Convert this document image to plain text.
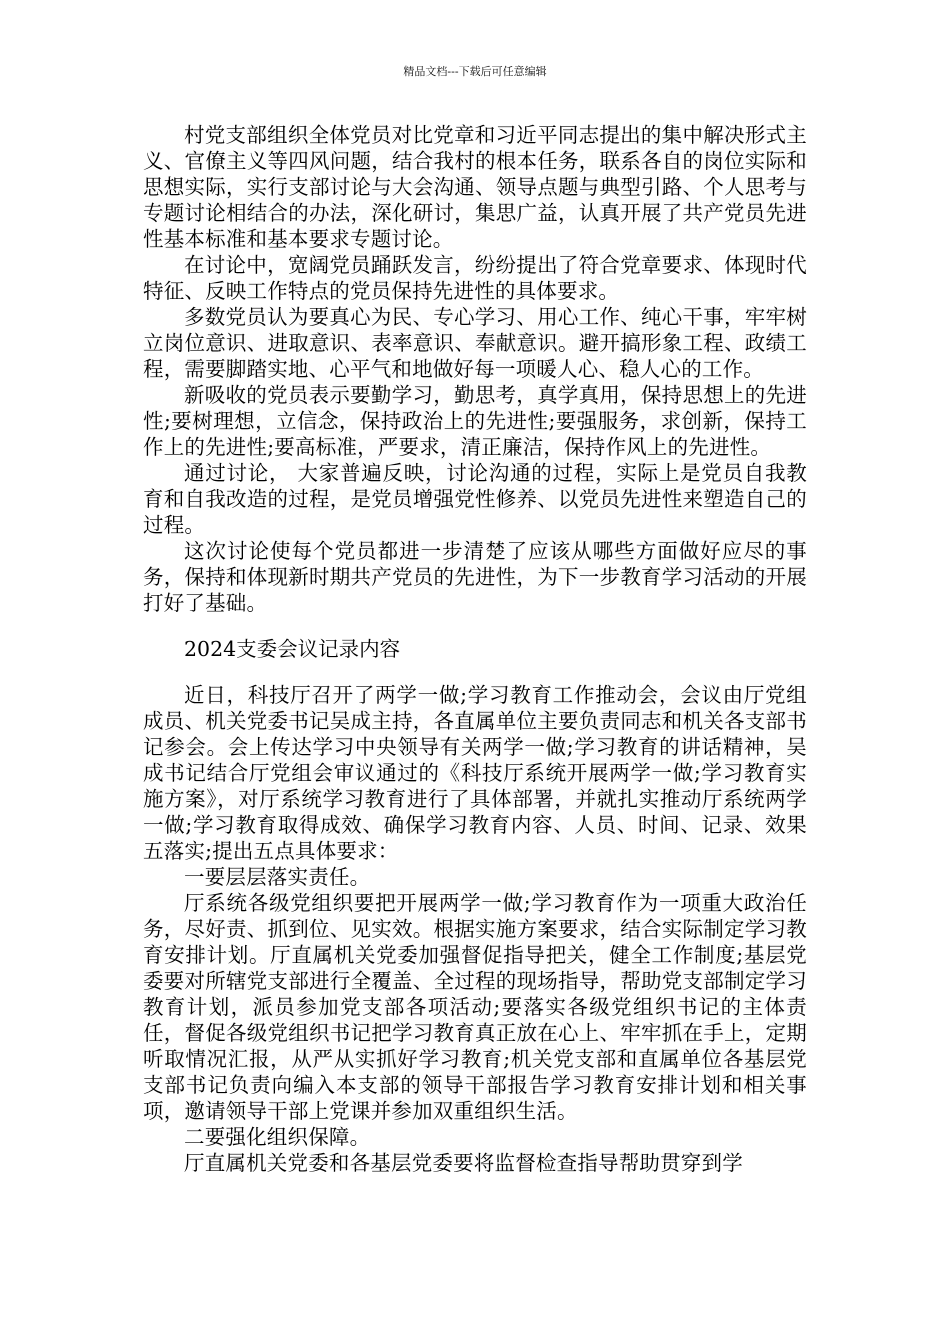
精品文档---下载后可任意编辑

村党支部组织全体党员对比党章和习近平同志提出的集中解决形式主义、官僚主义等四风问题，结合我村的根本任务，联系各自的岗位实际和思想实际，实行支部讨论与大会沟通、领导点题与典型引路、个人思考与专题讨论相结合的办法，深化研讨，集思广益，认真开展了共产党员先进性基本标准和基本要求专题讨论。

在讨论中，宽阔党员踊跃发言，纷纷提出了符合党章要求、体现时代特征、反映工作特点的党员保持先进性的具体要求。

多数党员认为要真心为民、专心学习、用心工作、纯心干事，牢牢树立岗位意识、进取意识、表率意识、奉献意识。避开搞形象工程、政绩工程，需要脚踏实地、心平气和地做好每一项暖人心、稳人心的工作。

新吸收的党员表示要勤学习，勤思考，真学真用，保持思想上的先进性;要树理想，立信念，保持政治上的先进性;要强服务，求创新，保持工作上的先进性;要高标准，严要求，清正廉洁，保持作风上的先进性。

通过讨论， 大家普遍反映，讨论沟通的过程，实际上是党员自我教育和自我改造的过程，是党员增强党性修养、以党员先进性来塑造自己的过程。

这次讨论使每个党员都进一步清楚了应该从哪些方面做好应尽的事务，保持和体现新时期共产党员的先进性，为下一步教育学习活动的开展打好了基础。

2024支委会议记录内容

近日，科技厅召开了两学一做;学习教育工作推动会，会议由厅党组成员、机关党委书记吴成主持，各直属单位主要负责同志和机关各支部书记参会。会上传达学习中央领导有关两学一做;学习教育的讲话精神，吴成书记结合厅党组会审议通过的《科技厅系统开展两学一做;学习教育实施方案》，对厅系统学习教育进行了具体部署，并就扎实推动厅系统两学一做;学习教育取得成效、确保学习教育内容、人员、时间、记录、效果五落实;提出五点具体要求：

一要层层落实责任。

厅系统各级党组织要把开展两学一做;学习教育作为一项重大政治任务，尽好责、抓到位、见实效。根据实施方案要求，结合实际制定学习教育安排计划。厅直属机关党委加强督促指导把关，健全工作制度;基层党委要对所辖党支部进行全覆盖、全过程的现场指导，帮助党支部制定学习教育计划，派员参加党支部各项活动;要落实各级党组织书记的主体责任，督促各级党组织书记把学习教育真正放在心上、牢牢抓在手上，定期听取情况汇报，从严从实抓好学习教育;机关党支部和直属单位各基层党支部书记负责向编入本支部的领导干部报告学习教育安排计划和相关事项，邀请领导干部上党课并参加双重组织生活。

二要强化组织保障。

厅直属机关党委和各基层党委要将监督检查指导帮助贯穿到学
